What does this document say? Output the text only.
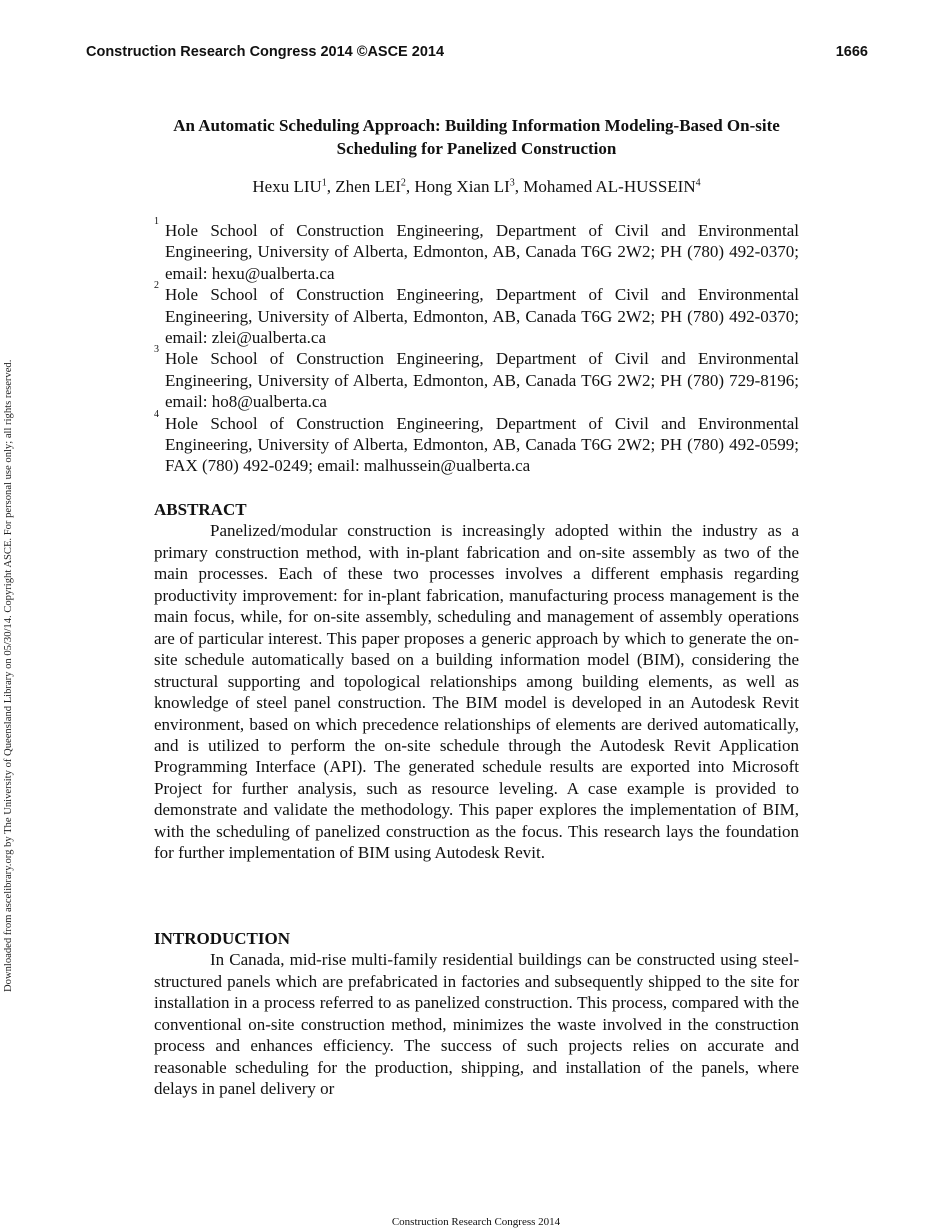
Construction Research Congress 2014 ©ASCE 2014	1666
Downloaded from ascelibrary.org by The University of Queensland Library on 05/30/14. Copyright ASCE. For personal use only; all rights reserved.
An Automatic Scheduling Approach: Building Information Modeling-Based On-site Scheduling for Panelized Construction
Hexu LIU$^1$, Zhen LEI$^2$, Hong Xian $LI^3$, Mohamed AL-HUSSEIN$^4$
1 Hole School of Construction Engineering, Department of Civil and Environmental Engineering, University of Alberta, Edmonton, AB, Canada T6G 2W2; PH (780) 492-0370; email: hexu@ualberta.ca
2 Hole School of Construction Engineering, Department of Civil and Environmental Engineering, University of Alberta, Edmonton, AB, Canada T6G 2W2; PH (780) 492-0370; email: zlei@ualberta.ca
3 Hole School of Construction Engineering, Department of Civil and Environmental Engineering, University of Alberta, Edmonton, AB, Canada T6G 2W2; PH (780) 729-8196; email: ho8@ualberta.ca
4 Hole School of Construction Engineering, Department of Civil and Environmental Engineering, University of Alberta, Edmonton, AB, Canada T6G 2W2; PH (780) 492-0599; FAX (780) 492-0249; email: malhussein@ualberta.ca
ABSTRACT

Panelized/modular construction is increasingly adopted within the industry as a primary construction method, with in-plant fabrication and on-site assembly as two of the main processes. Each of these two processes involves a different emphasis regarding productivity improvement: for in-plant fabrication, manufacturing process management is the main focus, while, for on-site assembly, scheduling and management of assembly operations are of particular interest. This paper proposes a generic approach by which to generate the on-site schedule automatically based on a building information model (BIM), considering the structural supporting and topological relationships among building elements, as well as knowledge of steel panel construction. The BIM model is developed in an Autodesk Revit environment, based on which precedence relationships of elements are derived automatically, and is utilized to perform the on-site schedule through the Autodesk Revit Application Programming Interface (API). The generated schedule results are exported into Microsoft Project for further analysis, such as resource leveling. A case example is provided to demonstrate and validate the methodology. This paper explores the implementation of BIM, with the scheduling of panelized construction as the focus. This research lays the foundation for further implementation of BIM using Autodesk Revit.

INTRODUCTION

In Canada, mid-rise multi-family residential buildings can be constructed using steel-structured panels which are prefabricated in factories and subsequently shipped to the site for installation in a process referred to as panelized construction. This process, compared with the conventional on-site construction method, minimizes the waste involved in the construction process and enhances efficiency. The success of such projects relies on accurate and reasonable scheduling for the production, shipping, and installation of the panels, where delays in panel delivery or

Construction Research Congress 2014
